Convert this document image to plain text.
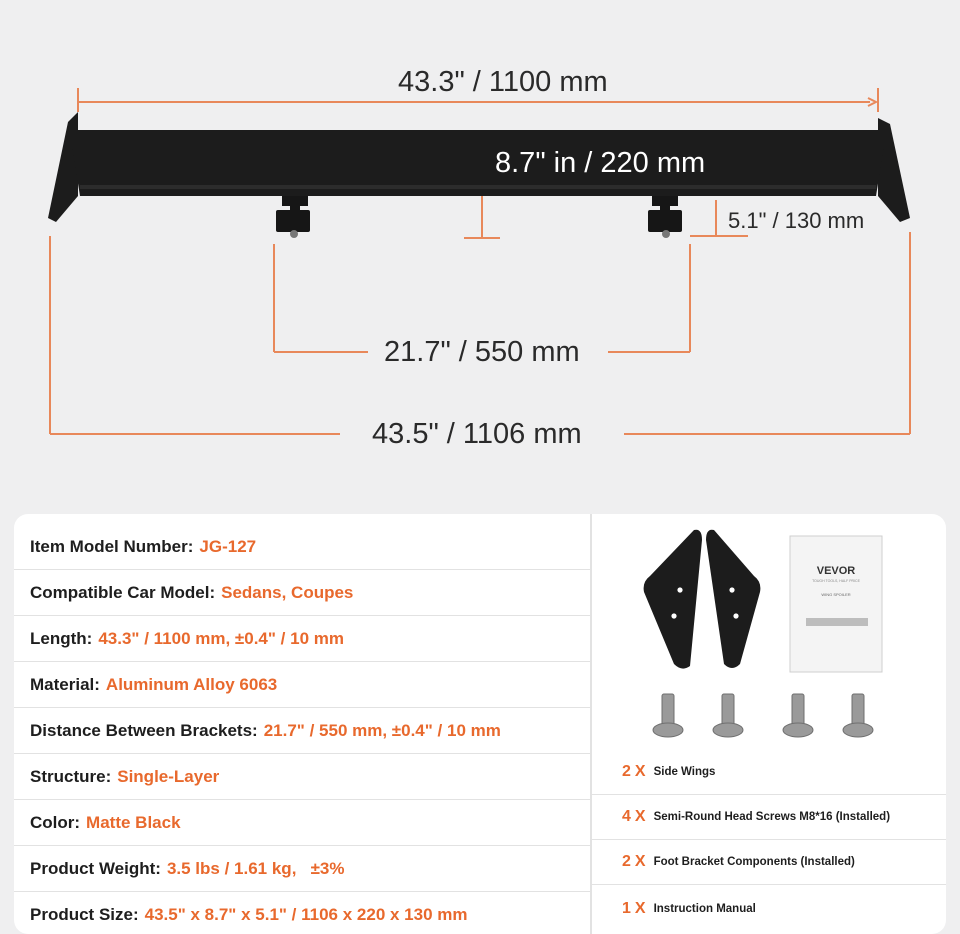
43.3" / 1100 mm
8.7" in / 220 mm
5.1" / 130 mm
21.7" / 550 mm
43.5" / 1106 mm
Item Model Number: JG-127
Compatible Car Model: Sedans, Coupes
Length: 43.3" / 1100 mm, ±0.4" / 10 mm
Material: Aluminum Alloy 6063
Distance Between Brackets: 21.7" / 550 mm, ±0.4" / 10 mm
Structure: Single-Layer
Color: Matte Black
Product Weight: 3.5 lbs / 1.61 kg,   ±3%
Product Size: 43.5" x 8.7" x 5.1" / 1106 x 220 x 130 mm
VEVOR
TOUGH TOOLS, HALF PRICE
WING SPOILER
2 X Side Wings
4 X Semi-Round Head Screws M8*16 (Installed)
2 X Foot Bracket Components (Installed)
1 X Instruction Manual
